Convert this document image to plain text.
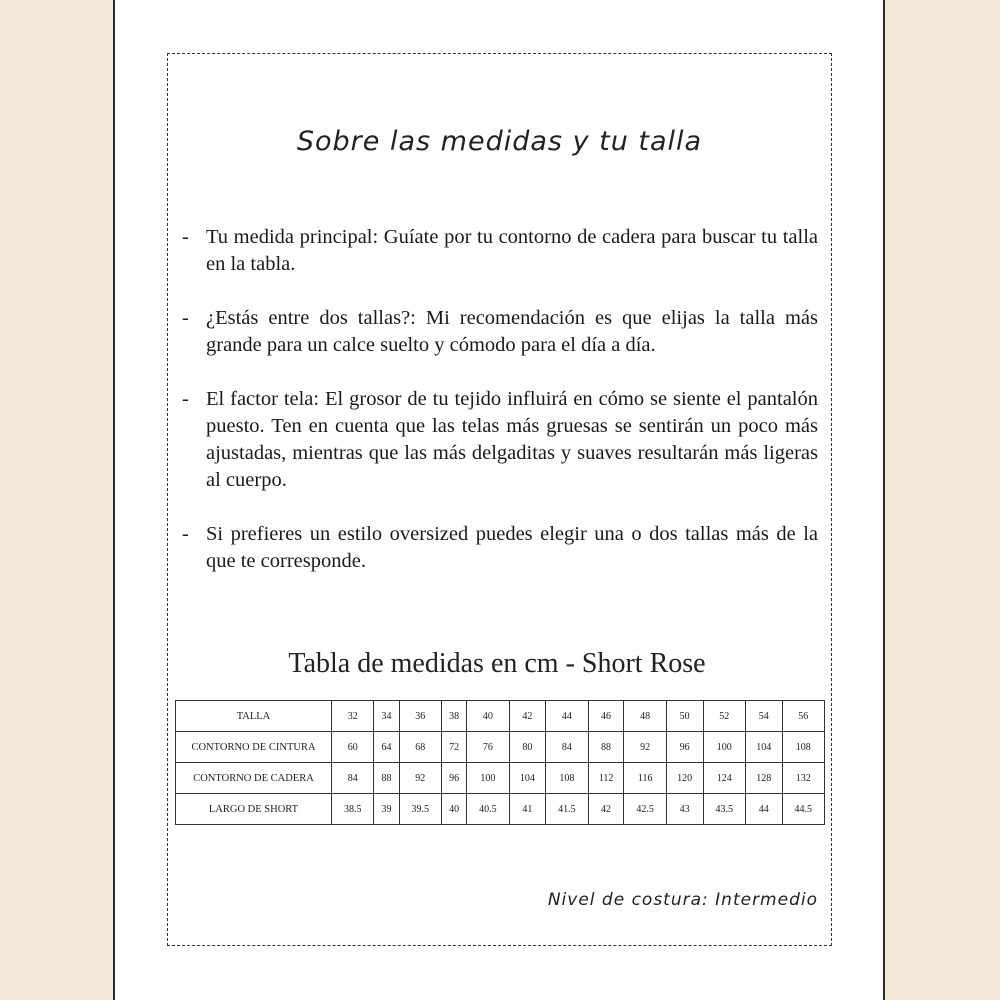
Sobre las medidas y tu talla
- Tu medida principal: Guíate por tu contorno de cadera para buscar tu talla en la tabla.
- ¿Estás entre dos tallas?: Mi recomendación es que elijas la talla más grande para un calce suelto y cómodo para el día a día.
- El factor tela: El grosor de tu tejido influirá en cómo se siente el pantalón puesto. Ten en cuenta que las telas más gruesas se sentirán un poco más ajustadas, mientras que las más delgaditas y suaves resultarán más ligeras al cuerpo.
- Si prefieres un estilo oversized puedes elegir una o dos tallas más de la que te corresponde.
Tabla de medidas en cm - Short Rose
TALLA	32	34	36	38	40	42	44	46	48	50	52	54	56
CONTORNO DE CINTURA	60	64	68	72	76	80	84	88	92	96	100	104	108
CONTORNO DE CADERA	84	88	92	96	100	104	108	112	116	120	124	128	132
LARGO DE SHORT	38.5	39	39.5	40	40.5	41	41.5	42	42.5	43	43.5	44	44.5
Nivel de costura: Intermedio
